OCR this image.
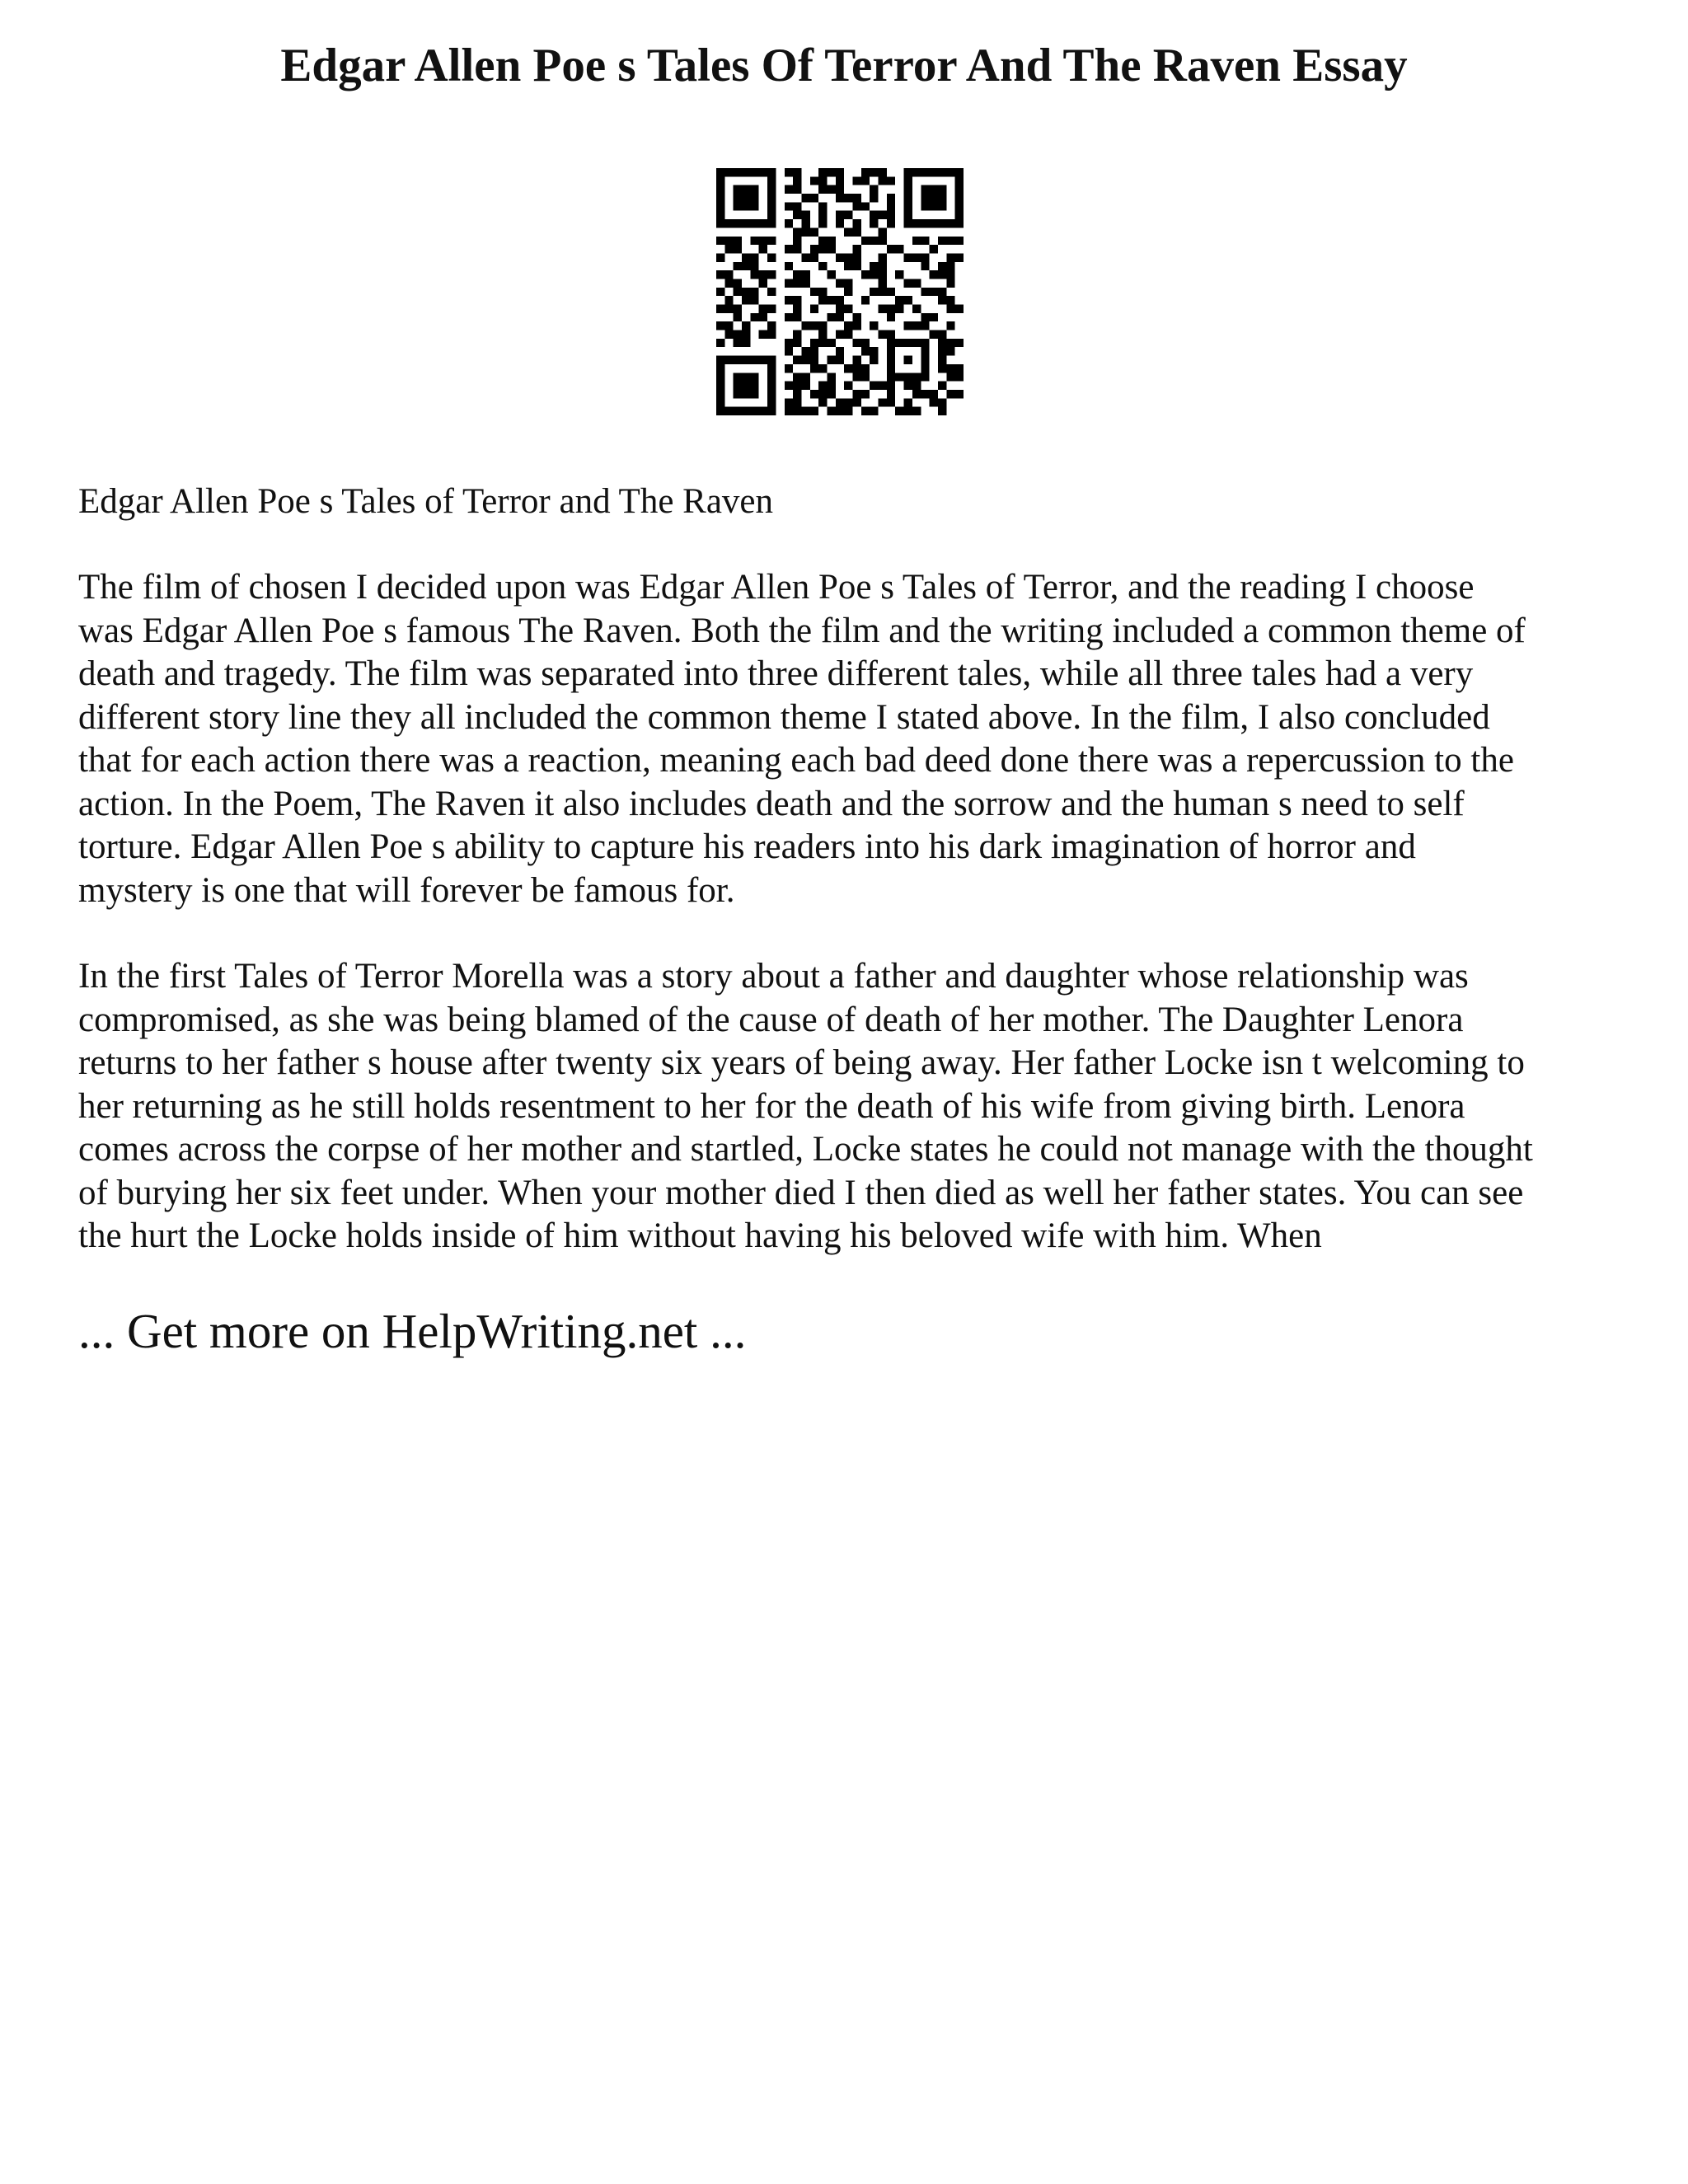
Edgar Allen Poe s Tales Of Terror And The Raven Essay

Edgar Allen Poe s Tales of Terror and The Raven

The film of chosen I decided upon was Edgar Allen Poe s Tales of Terror, and the reading I choose
was Edgar Allen Poe s famous The Raven. Both the film and the writing included a common theme of
death and tragedy. The film was separated into three different tales, while all three tales had a very
different story line they all included the common theme I stated above. In the film, I also concluded
that for each action there was a reaction, meaning each bad deed done there was a repercussion to the
action. In the Poem, The Raven it also includes death and the sorrow and the human s need to self
torture. Edgar Allen Poe s ability to capture his readers into his dark imagination of horror and
mystery is one that will forever be famous for.

In the first Tales of Terror Morella was a story about a father and daughter whose relationship was
compromised, as she was being blamed of the cause of death of her mother. The Daughter Lenora
returns to her father s house after twenty six years of being away. Her father Locke isn t welcoming to
her returning as he still holds resentment to her for the death of his wife from giving birth. Lenora
comes across the corpse of her mother and startled, Locke states he could not manage with the thought
of burying her six feet under. When your mother died I then died as well her father states. You can see
the hurt the Locke holds inside of him without having his beloved wife with him. When

... Get more on HelpWriting.net ...
